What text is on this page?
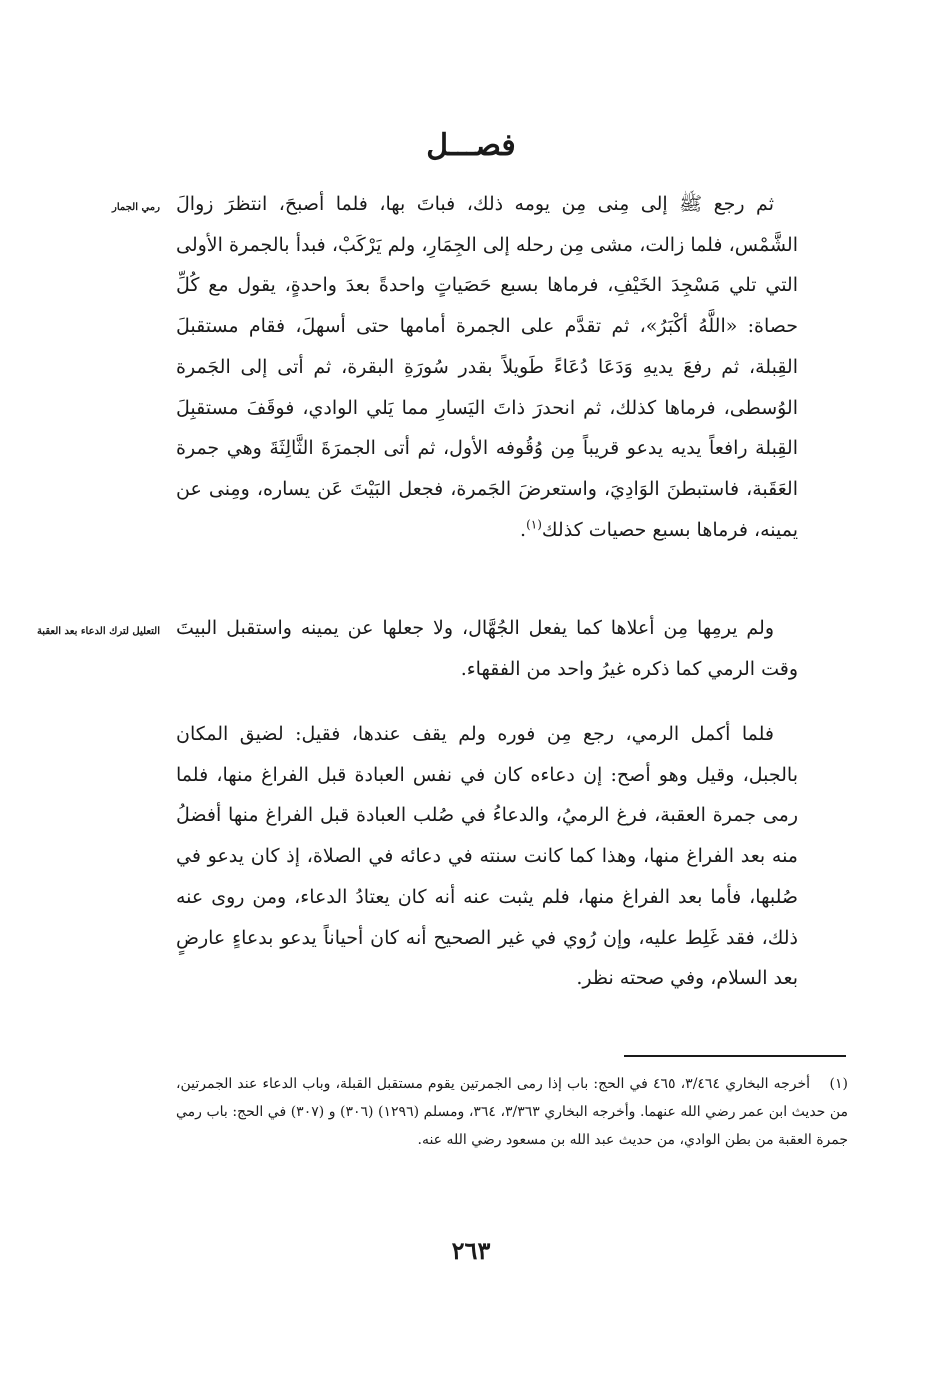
فصـــل
رمي الجمار ثم رجع ﷺ إلى مِنى مِن يومه ذلك، فباتَ بها، فلما أصبحَ، انتظرَ زوالَ الشَّمْس، فلما زالت، مشى مِن رحله إلى الجِمَارِ، ولم يَرْكَبْ، فبدأ بالجمرة الأولى التي تلي مَسْجِدَ الخَيْفِ، فرماها بسبع حَصَياتٍ واحدةً بعدَ واحدةٍ، يقول مع كُلِّ حصاة: «اللَّهُ أكْبَرُ»، ثم تقدَّم على الجمرة أمامها حتى أسهلَ، فقام مستقبلَ القِبلة، ثم رفعَ يديهِ وَدَعَا دُعَاءً طَويلاً بقدر سُورَةِ البقرة، ثم أتى إلى الجَمرة الوُسطى، فرماها كذلك، ثم انحدرَ ذاتَ اليَسارِ مما يَلي الوادي، فوقَفَ مستقبِلَ القِبلة رافعاً يديه يدعو قريباً مِن وُقُوفه الأول، ثم أتى الجمرَةَ الثَّالِثَةَ وهي جمرة العَقَبة، فاستبطنَ الوَادِيَ، واستعرضَ الجَمرة، فجعل البَيْتَ عَن يساره، ومِنى عن يمينه، فرماها بسبع حصيات كذلك$^{(١)}$.

التعليل لترك الدعاء بعد العقبة ولم يرمِها مِن أعلاها كما يفعل الجُهَّال، ولا جعلها عن يمينه واستقبل البيتَ وقت الرمي كما ذكره غيرُ واحد من الفقهاء.

فلما أكمل الرمي، رجع مِن فوره ولم يقف عندها، فقيل: لضيق المكان بالجبل، وقيل وهو أصح: إن دعاءه كان في نفس العبادة قبل الفراغ منها، فلما رمى جمرة العقبة، فرغ الرميُ، والدعاءُ في صُلب العبادة قبل الفراغ منها أفضلُ منه بعد الفراغ منها، وهذا كما كانت سنته في دعائه في الصلاة، إذ كان يدعو في صُلبها، فأما بعد الفراغ منها، فلم يثبت عنه أنه كان يعتادُ الدعاء، ومن روى عنه ذلك، فقد غَلِط عليه، وإن رُوي في غير الصحيح أنه كان أحياناً يدعو بدعاءٍ عارضٍ بعد السلام، وفي صحته نظر.

(١)أخرجه البخاري ٣/٤٦٤، ٤٦٥ في الحج: باب إذا رمى الجمرتين يقوم مستقبل القبلة، وباب الدعاء عند الجمرتين، من حديث ابن عمر رضي الله عنهما. وأخرجه البخاري ٣/٣٦٣، ٣٦٤، ومسلم (١٢٩٦) (٣٠٦) و (٣٠٧) في الحج: باب رمي جمرة العقبة من بطن الوادي، من حديث عبد الله بن مسعود رضي الله عنه.
٢٦٣
